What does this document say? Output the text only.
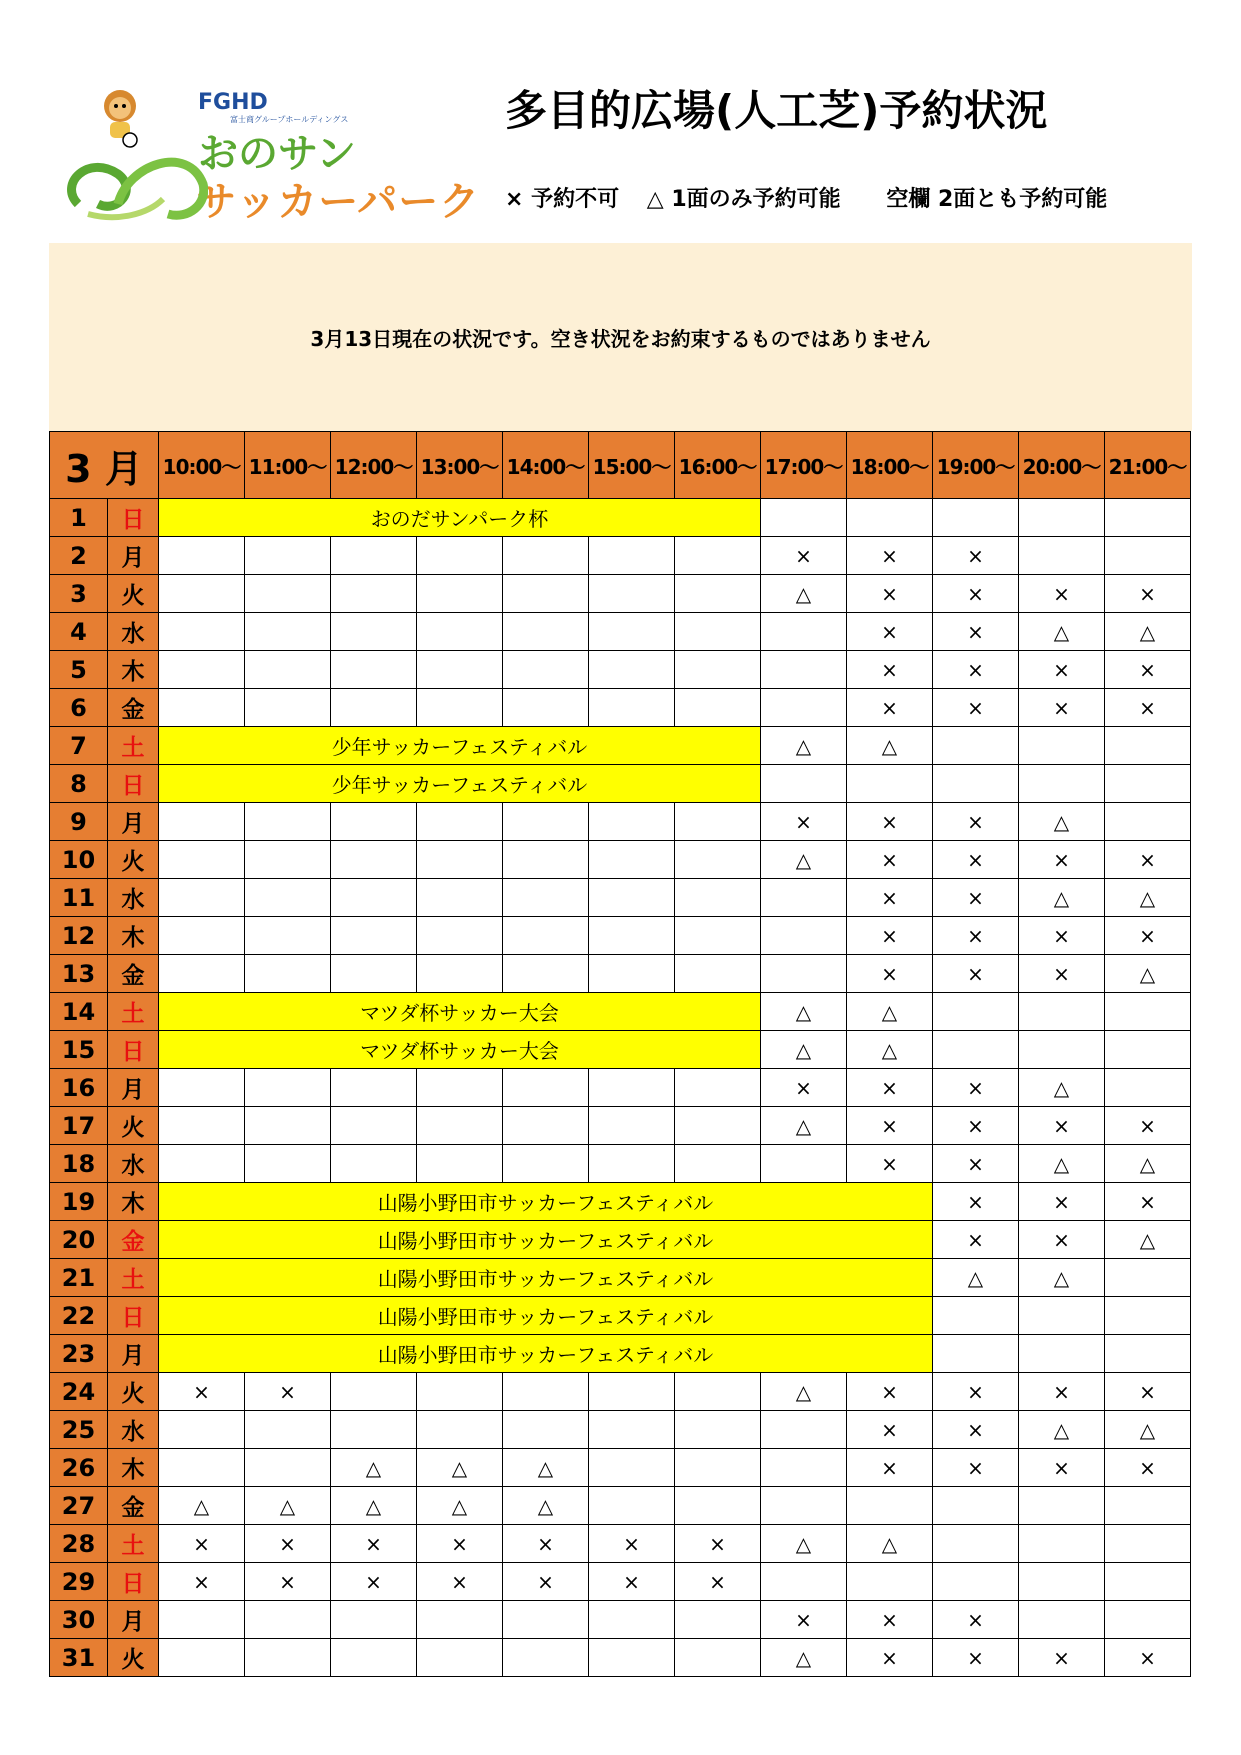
FGHD
富士商グループホールディングス
おのサン
サッカーパーク
多目的広場(人工芝)予約状況
× 予約不可 △ 1面のみ予約可能 空欄 2面とも予約可能
3月13日現在の状況です。空き状況をお約束するものではありません
3 月		10:00～	11:00～	12:00～	13:00～	14:00～	15:00～	16:00～	17:00～	18:00～	19:00～	20:00～	21:00～
1	日	おのだサンパーク杯											
2	月								×	×	×		
3	火								△	×	×	×	×
4	水									×	×	△	△
5	木									×	×	×	×
6	金									×	×	×	×
7	土	少年サッカーフェスティバル							△	△			
8	日	少年サッカーフェスティバル											
9	月								×	×	×	△	
10	火								△	×	×	×	×
11	水									×	×	△	△
12	木									×	×	×	×
13	金									×	×	×	△
14	土	マツダ杯サッカー大会							△	△			
15	日	マツダ杯サッカー大会							△	△			
16	月								×	×	×	△	
17	火								△	×	×	×	×
18	水									×	×	△	△
19	木	山陽小野田市サッカーフェスティバル									×	×	×
20	金	山陽小野田市サッカーフェスティバル									×	×	△
21	土	山陽小野田市サッカーフェスティバル									△	△	
22	日	山陽小野田市サッカーフェスティバル											
23	月	山陽小野田市サッカーフェスティバル											
24	火	×	×						△	×	×	×	×
25	水									×	×	△	△
26	木			△	△	△				×	×	×	×
27	金	△	△	△	△	△							
28	土	×	×	×	×	×	×	×	△	△			
29	日	×	×	×	×	×	×	×					
30	月								×	×	×		
31	火								△	×	×	×	×
